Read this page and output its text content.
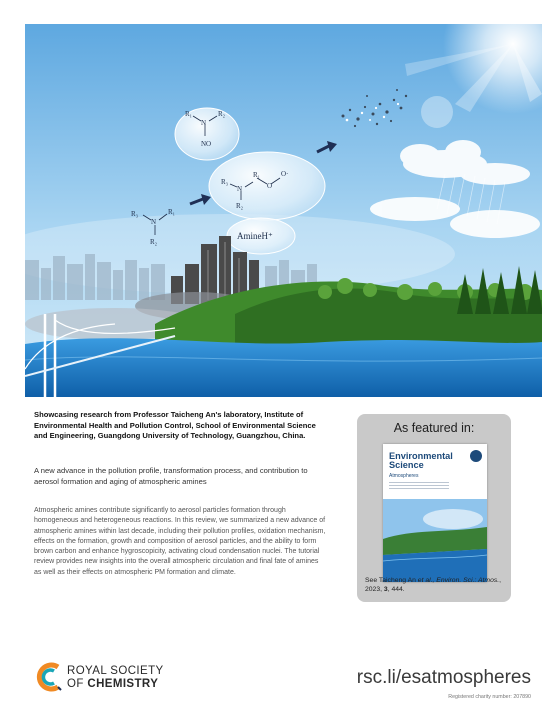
R₁
N
R₂
NO
R₃
N
R₁
R₂
O
O·
AmineH⁺
R₃
N
R₁
R₂
Showcasing research from Professor Taicheng An's laboratory, Institute of Environmental Health and Pollution Control, School of Environmental Science and Engineering, Guangdong University of Technology, Guangzhou, China.
A new advance in the pollution profile, transformation process, and contribution to aerosol formation and aging of atmospheric amines
Atmospheric amines contribute significantly to aerosol particles formation through homogeneous and heterogeneous reactions. In this review, we summarized a new advance of atmospheric amines within last decade, including their pollution profiles, oxidation mechanism, effects on the formation, growth and composition of aerosol particles, and the ability to form brown carbon and enhance hygroscopicity, activating cloud condensation nuclei. The tutorial review provides new insights into the overall atmospheric circulation and final fate of amines as well as their effects on atmospheric PM formation and climate.
As featured in:
Environmental
Science
Atmospheres
See Taicheng An et al., Environ. Sci.: Atmos., 2023, 3, 444.
ROYAL SOCIETY
OF CHEMISTRY	rsc.li/esatmospheres
Registered charity number: 207890
